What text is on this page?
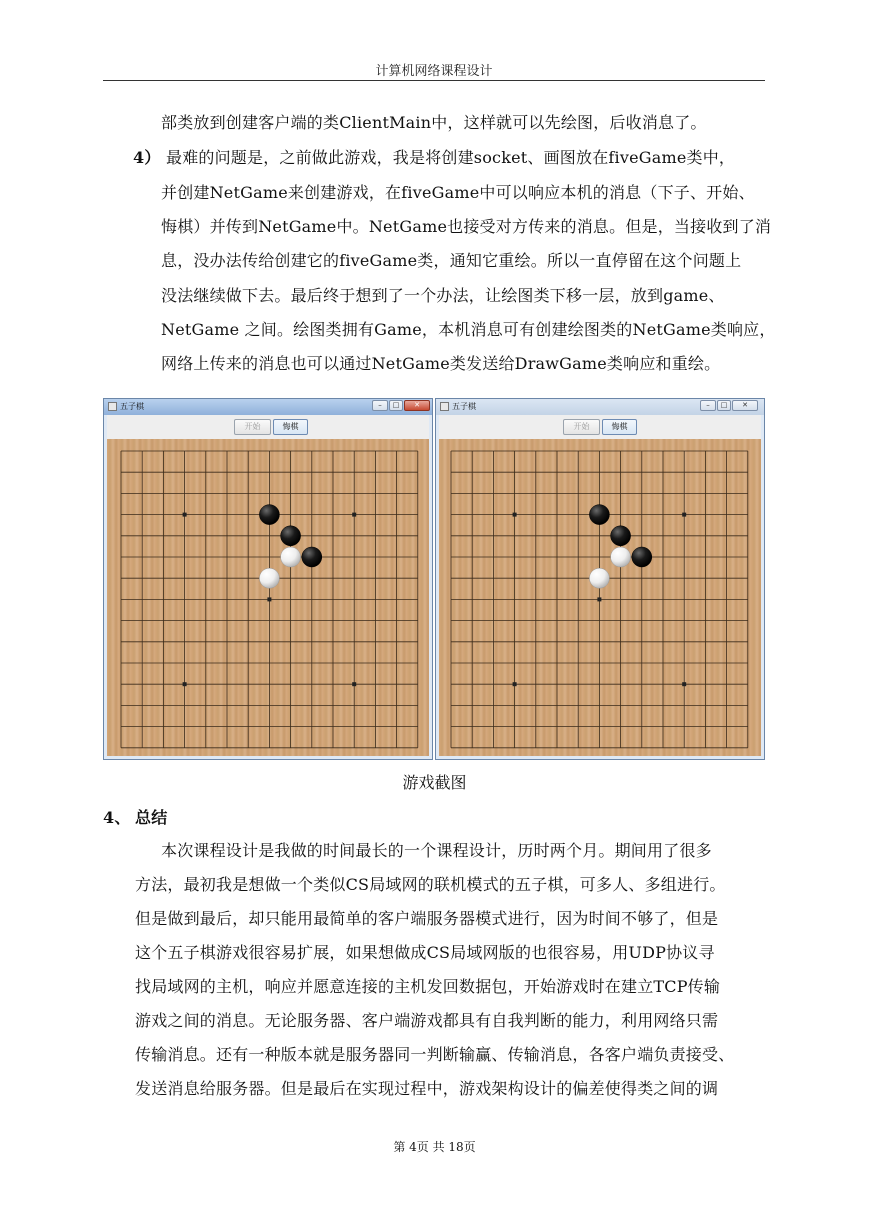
计算机网络课程设计
部类放到创建客户端的类ClientMain中，这样就可以先绘图，后收消息了。
4） 最难的问题是，之前做此游戏，我是将创建socket、画图放在fiveGame类中，
并创建NetGame来创建游戏，在fiveGame中可以响应本机的消息（下子、开始、
悔棋）并传到NetGame中。NetGame也接受对方传来的消息。但是，当接收到了消
息，没办法传给创建它的fiveGame类，通知它重绘。所以一直停留在这个问题上
没法继续做下去。最后终于想到了一个办法，让绘图类下移一层，放到game、
NetGame 之间。绘图类拥有Game，本机消息可有创建绘图类的NetGame类响应，
网络上传来的消息也可以通过NetGame类发送给DrawGame类响应和重绘。
五子棋	–	□	✕
开始	悔棋
五子棋	–	□	✕
开始	悔棋
游戏截图
4、 总结
本次课程设计是我做的时间最长的一个课程设计，历时两个月。期间用了很多
方法，最初我是想做一个类似CS局域网的联机模式的五子棋，可多人、多组进行。
但是做到最后，却只能用最简单的客户端服务器模式进行，因为时间不够了，但是
这个五子棋游戏很容易扩展，如果想做成CS局域网版的也很容易，用UDP协议寻
找局域网的主机，响应并愿意连接的主机发回数据包，开始游戏时在建立TCP传输
游戏之间的消息。无论服务器、客户端游戏都具有自我判断的能力，利用网络只需
传输消息。还有一种版本就是服务器同一判断输赢、传输消息，各客户端负责接受、
发送消息给服务器。但是最后在实现过程中，游戏架构设计的偏差使得类之间的调
第 4页 共 18页
